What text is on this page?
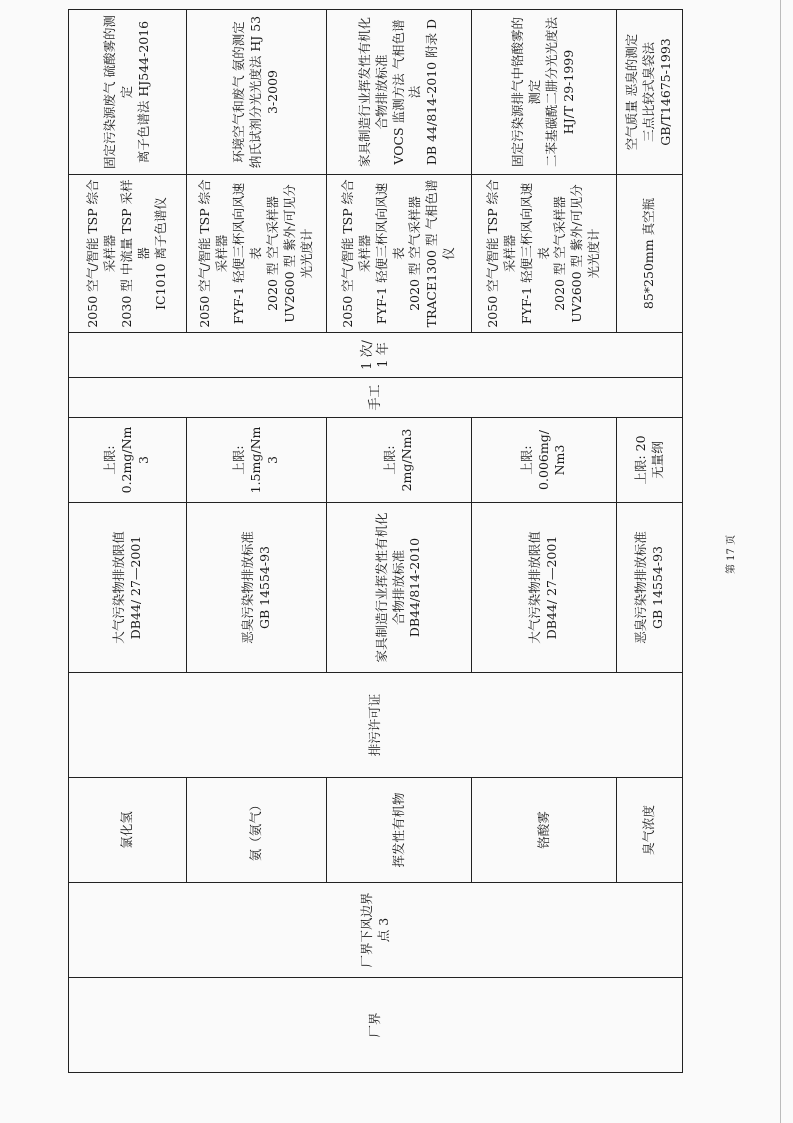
厂界	厂界下风边界点 3	氯化氢	排污许可证	大气污染物排放限值 DB44/ 27—2001	上限: 0.2mg/Nm 3	手工	1 次/1 年	2050 空气/智能 TSP 综合采样器 2030 型 中流量 TSP 采样器 IC1010 离子色谱仪	固定污染源废气 硫酸雾的测定 离子色谱法 HJ544-2016

		氨（氨气）		恶臭污染物排放标准 GB 14554-93	上限: 1.5mg/Nm 3			2050 空气/智能 TSP 综合采样器 FYF-1 轻便三杯风向风速表 2020 型 空气采样器 UV2600 型 紫外/可见分光光度计	环境空气和废气 氨的测定 纳氏试剂分光光度法 HJ 533-2009

		挥发性有机物		家具制造行业挥发性有机化合物排放标准 DB44/814-2010	上限: 2mg/Nm3			2050 空气/智能 TSP 综合采样器 FYF-1 轻便三杯风向风速表 2020 型 空气采样器 TRACE1300 型 气相色谱仪	家具制造行业挥发性有机化合物排放标准 VOCS 监测方法 气相色谱法 DB 44/814-2010 附录 D

		铬酸雾		大气污染物排放限值 DB44/ 27—2001	上限: 0.006mg/ Nm3			2050 空气/智能 TSP 综合采样器 FYF-1 轻便三杯风向风速表 2020 型 空气采样器 UV2600 型 紫外/可见分光光度计	固定污染源排气中铬酸雾的测定 二苯基碳酰二肼分光光度法 HJ/T 29-1999

		臭气浓度		恶臭污染物排放标准 GB 14554-93	上限: 20 无量纲			85*250mm 真空瓶	空气质量 恶臭的测定 三点比较式臭袋法 GB/T14675-1993
第 17 页
